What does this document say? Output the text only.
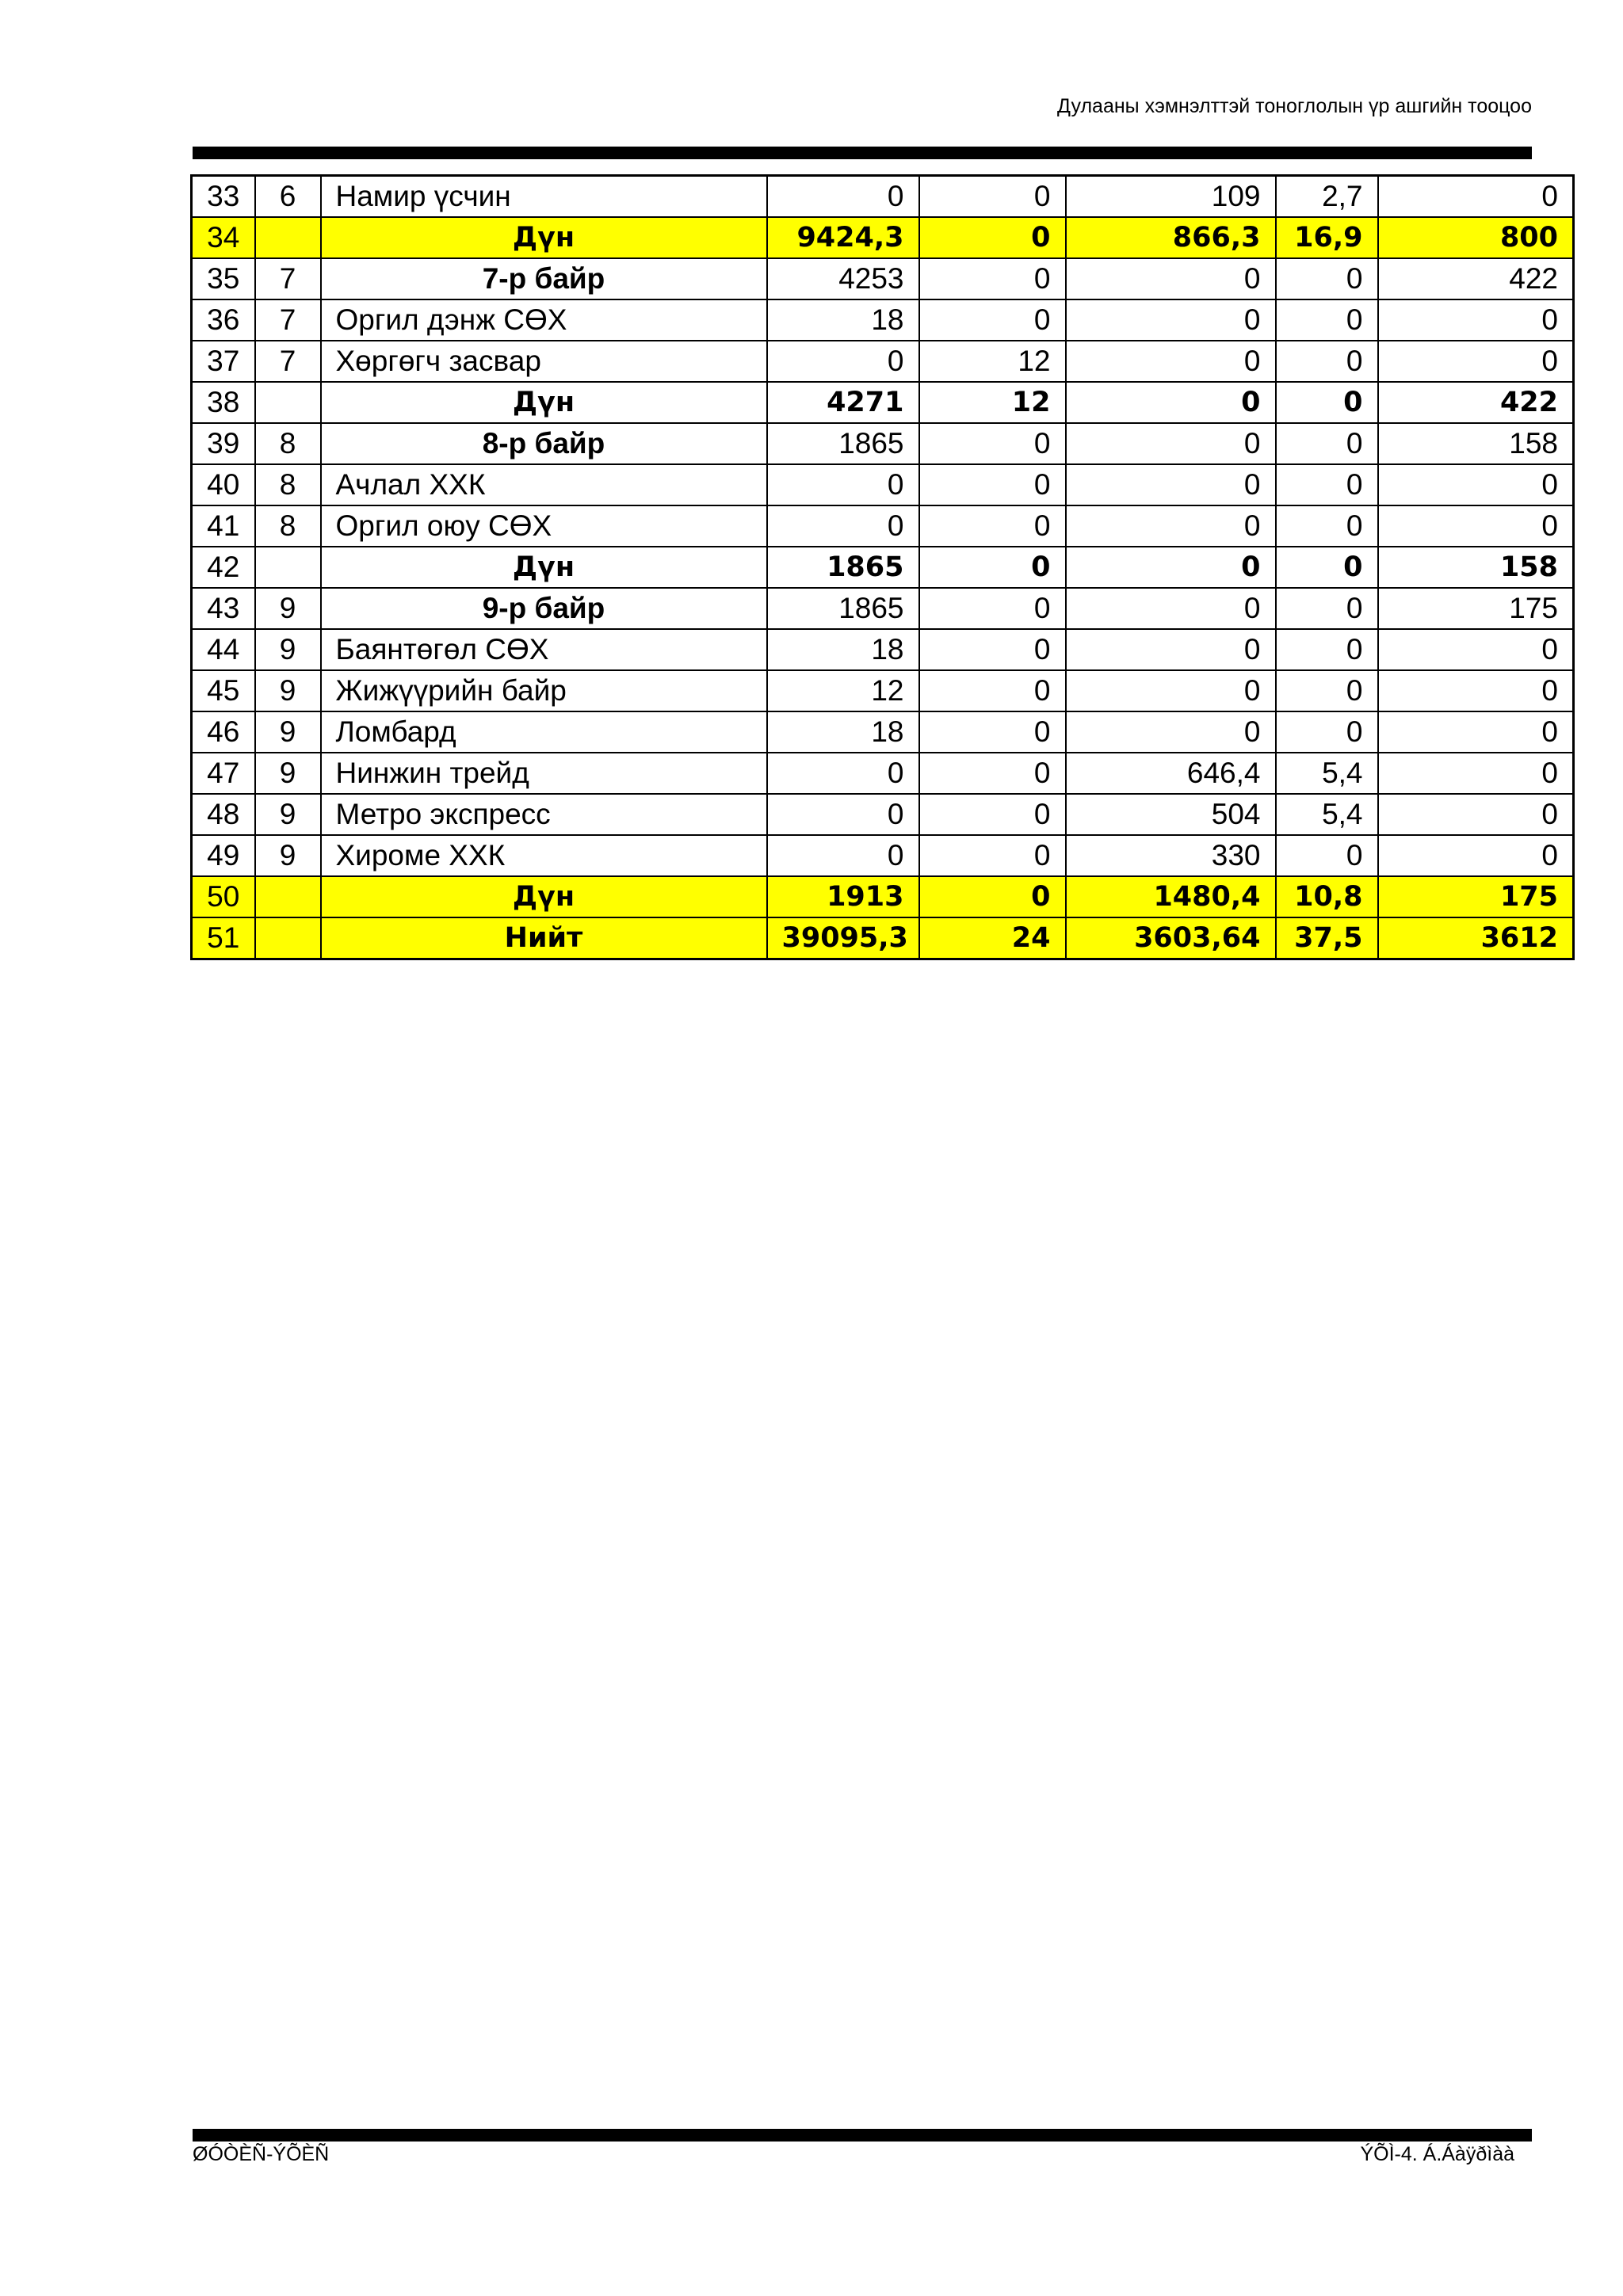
Дулааны хэмнэлттэй тоноглолын үр ашгийн тооцоо
33	6	Намир үсчин	0	0	109	2,7	0
34		Дүн	9424,3	0	866,3	16,9	800
35	7	7-р байр	4253	0	0	0	422
36	7	Оргил дэнж СӨХ	18	0	0	0	0
37	7	Хөргөгч засвар	0	12	0	0	0
38		Дүн	4271	12	0	0	422
39	8	8-р байр	1865	0	0	0	158
40	8	Ачлал ХХК	0	0	0	0	0
41	8	Оргил оюу СӨХ	0	0	0	0	0
42		Дүн	1865	0	0	0	158
43	9	9-р байр	1865	0	0	0	175
44	9	Баянтөгөл СӨХ	18	0	0	0	0
45	9	Жижүүрийн байр	12	0	0	0	0
46	9	Ломбард	18	0	0	0	0
47	9	Нинжин трейд	0	0	646,4	5,4	0
48	9	Метро экспресс	0	0	504	5,4	0
49	9	Хироме ХХК	0	0	330	0	0
50		Дүн	1913	0	1480,4	10,8	175
51		Нийт	39095,3	24	3603,64	37,5	3612
ØÓÒÈÑ-ÝÕÈÑ	ÝÕÌ-4. Á.Áàÿðìàà
